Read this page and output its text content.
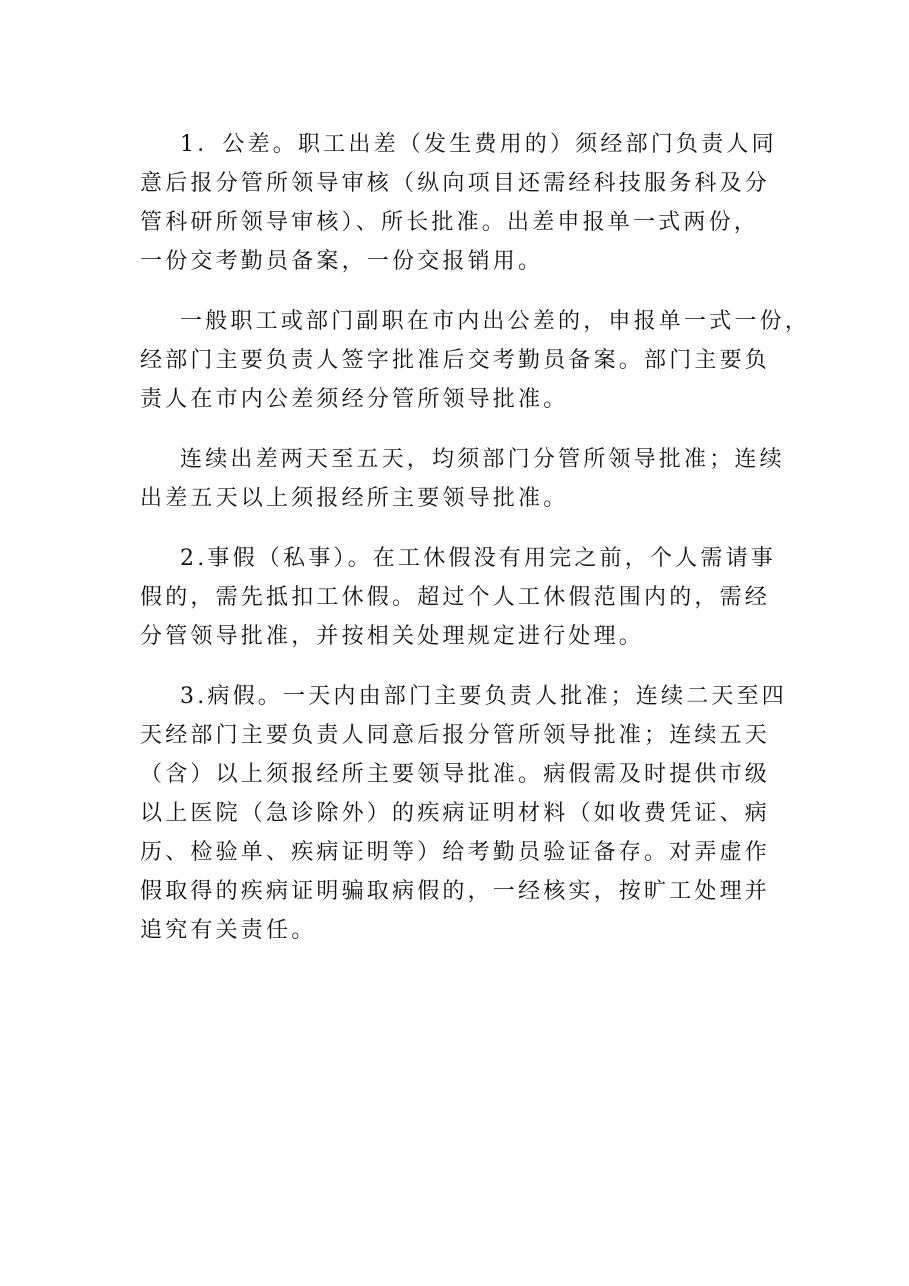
1．公差。职工出差（发生费用的）须经部门负责人同
意后报分管所领导审核（纵向项目还需经科技服务科及分
管科研所领导审核）、所长批准。出差申报单一式两份，
一份交考勤员备案，一份交报销用。
一般职工或部门副职在市内出公差的，申报单一式一份，
经部门主要负责人签字批准后交考勤员备案。部门主要负
责人在市内公差须经分管所领导批准。
连续出差两天至五天，均须部门分管所领导批准；连续
出差五天以上须报经所主要领导批准。
2.事假（私事）。在工休假没有用完之前，个人需请事
假的，需先抵扣工休假。超过个人工休假范围内的，需经
分管领导批准，并按相关处理规定进行处理。
3.病假。一天内由部门主要负责人批准；连续二天至四
天经部门主要负责人同意后报分管所领导批准；连续五天
（含）以上须报经所主要领导批准。病假需及时提供市级
以上医院（急诊除外）的疾病证明材料（如收费凭证、病
历、检验单、疾病证明等）给考勤员验证备存。对弄虚作
假取得的疾病证明骗取病假的，一经核实，按旷工处理并
追究有关责任。
